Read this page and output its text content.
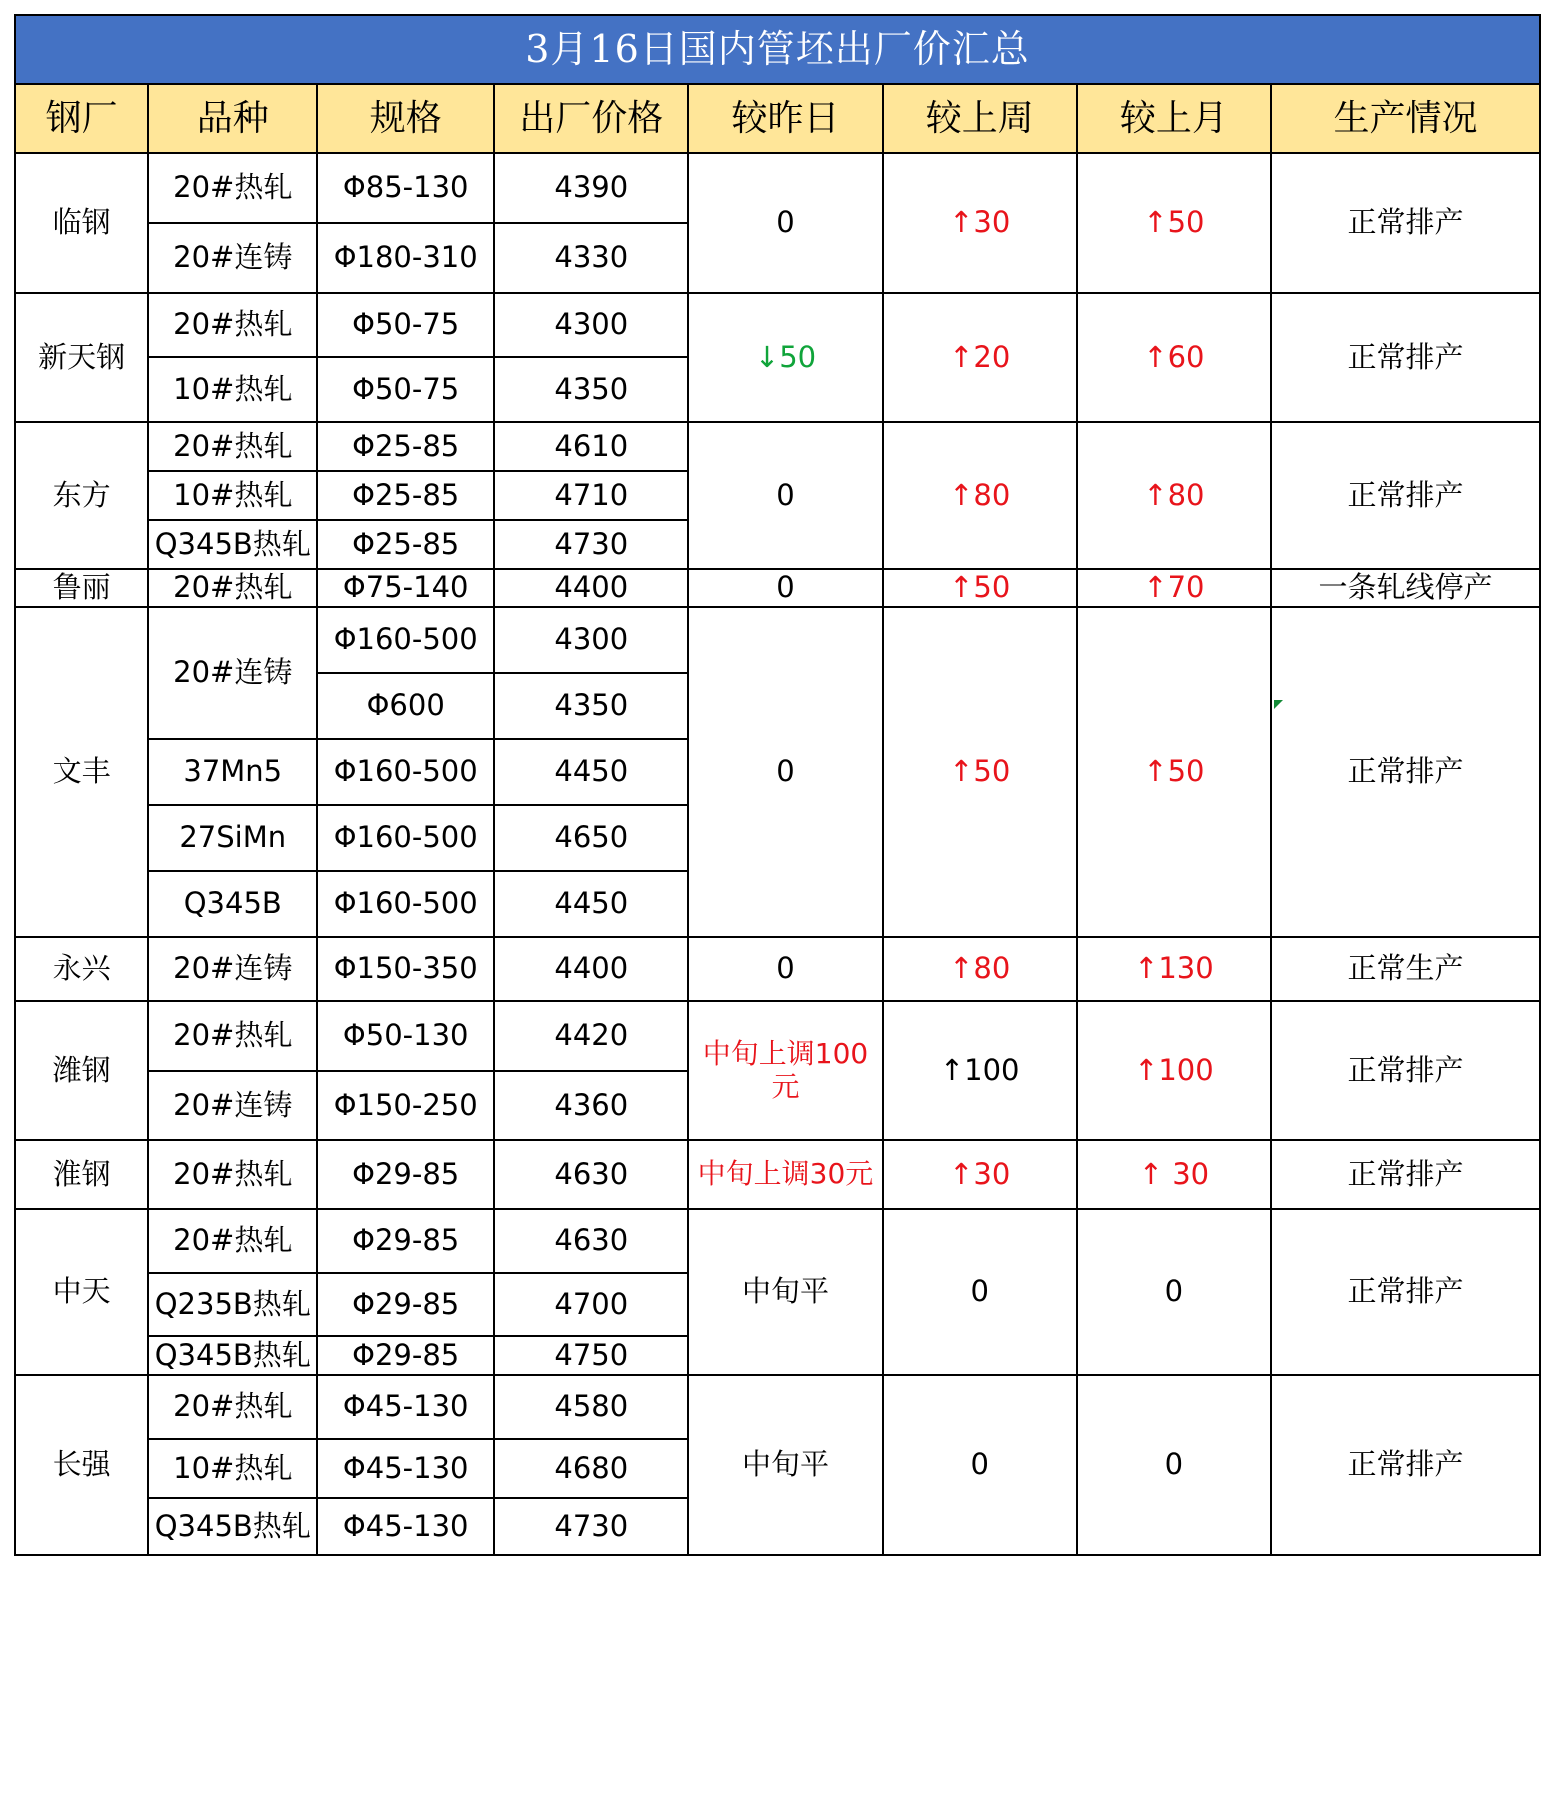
3月16日国内管坯出厂价汇总							
钢厂	品种	规格	出厂价格	较昨日	较上周	较上月	生产情况
临钢	20#热轧	Φ85-130	4390	0	↑30	↑50	正常排产
	20#连铸	Φ180-310	4330				
新天钢	20#热轧	Φ50-75	4300	↓50	↑20	↑60	正常排产
	10#热轧	Φ50-75	4350				
东方	20#热轧	Φ25-85	4610	0	↑80	↑80	正常排产
	10#热轧	Φ25-85	4710				
	Q345B热轧	Φ25-85	4730				
鲁丽	20#热轧	Φ75-140	4400	0	↑50	↑70	一条轧线停产
文丰	20#连铸	Φ160-500	4300	0	↑50	↑50	正常排产
		Φ600	4350				
	37Mn5	Φ160-500	4450				
	27SiMn	Φ160-500	4650				
	Q345B	Φ160-500	4450				
永兴	20#连铸	Φ150-350	4400	0	↑80	↑130	正常生产
潍钢	20#热轧	Φ50-130	4420	中旬上调100元	↑100	↑100	正常排产
	20#连铸	Φ150-250	4360				
淮钢	20#热轧	Φ29-85	4630	中旬上调30元	↑30	↑ 30	正常排产
中天	20#热轧	Φ29-85	4630	中旬平	0	0	正常排产
	Q235B热轧	Φ29-85	4700				
	Q345B热轧	Φ29-85	4750				
长强	20#热轧	Φ45-130	4580	中旬平	0	0	正常排产
	10#热轧	Φ45-130	4680				
	Q345B热轧	Φ45-130	4730				
